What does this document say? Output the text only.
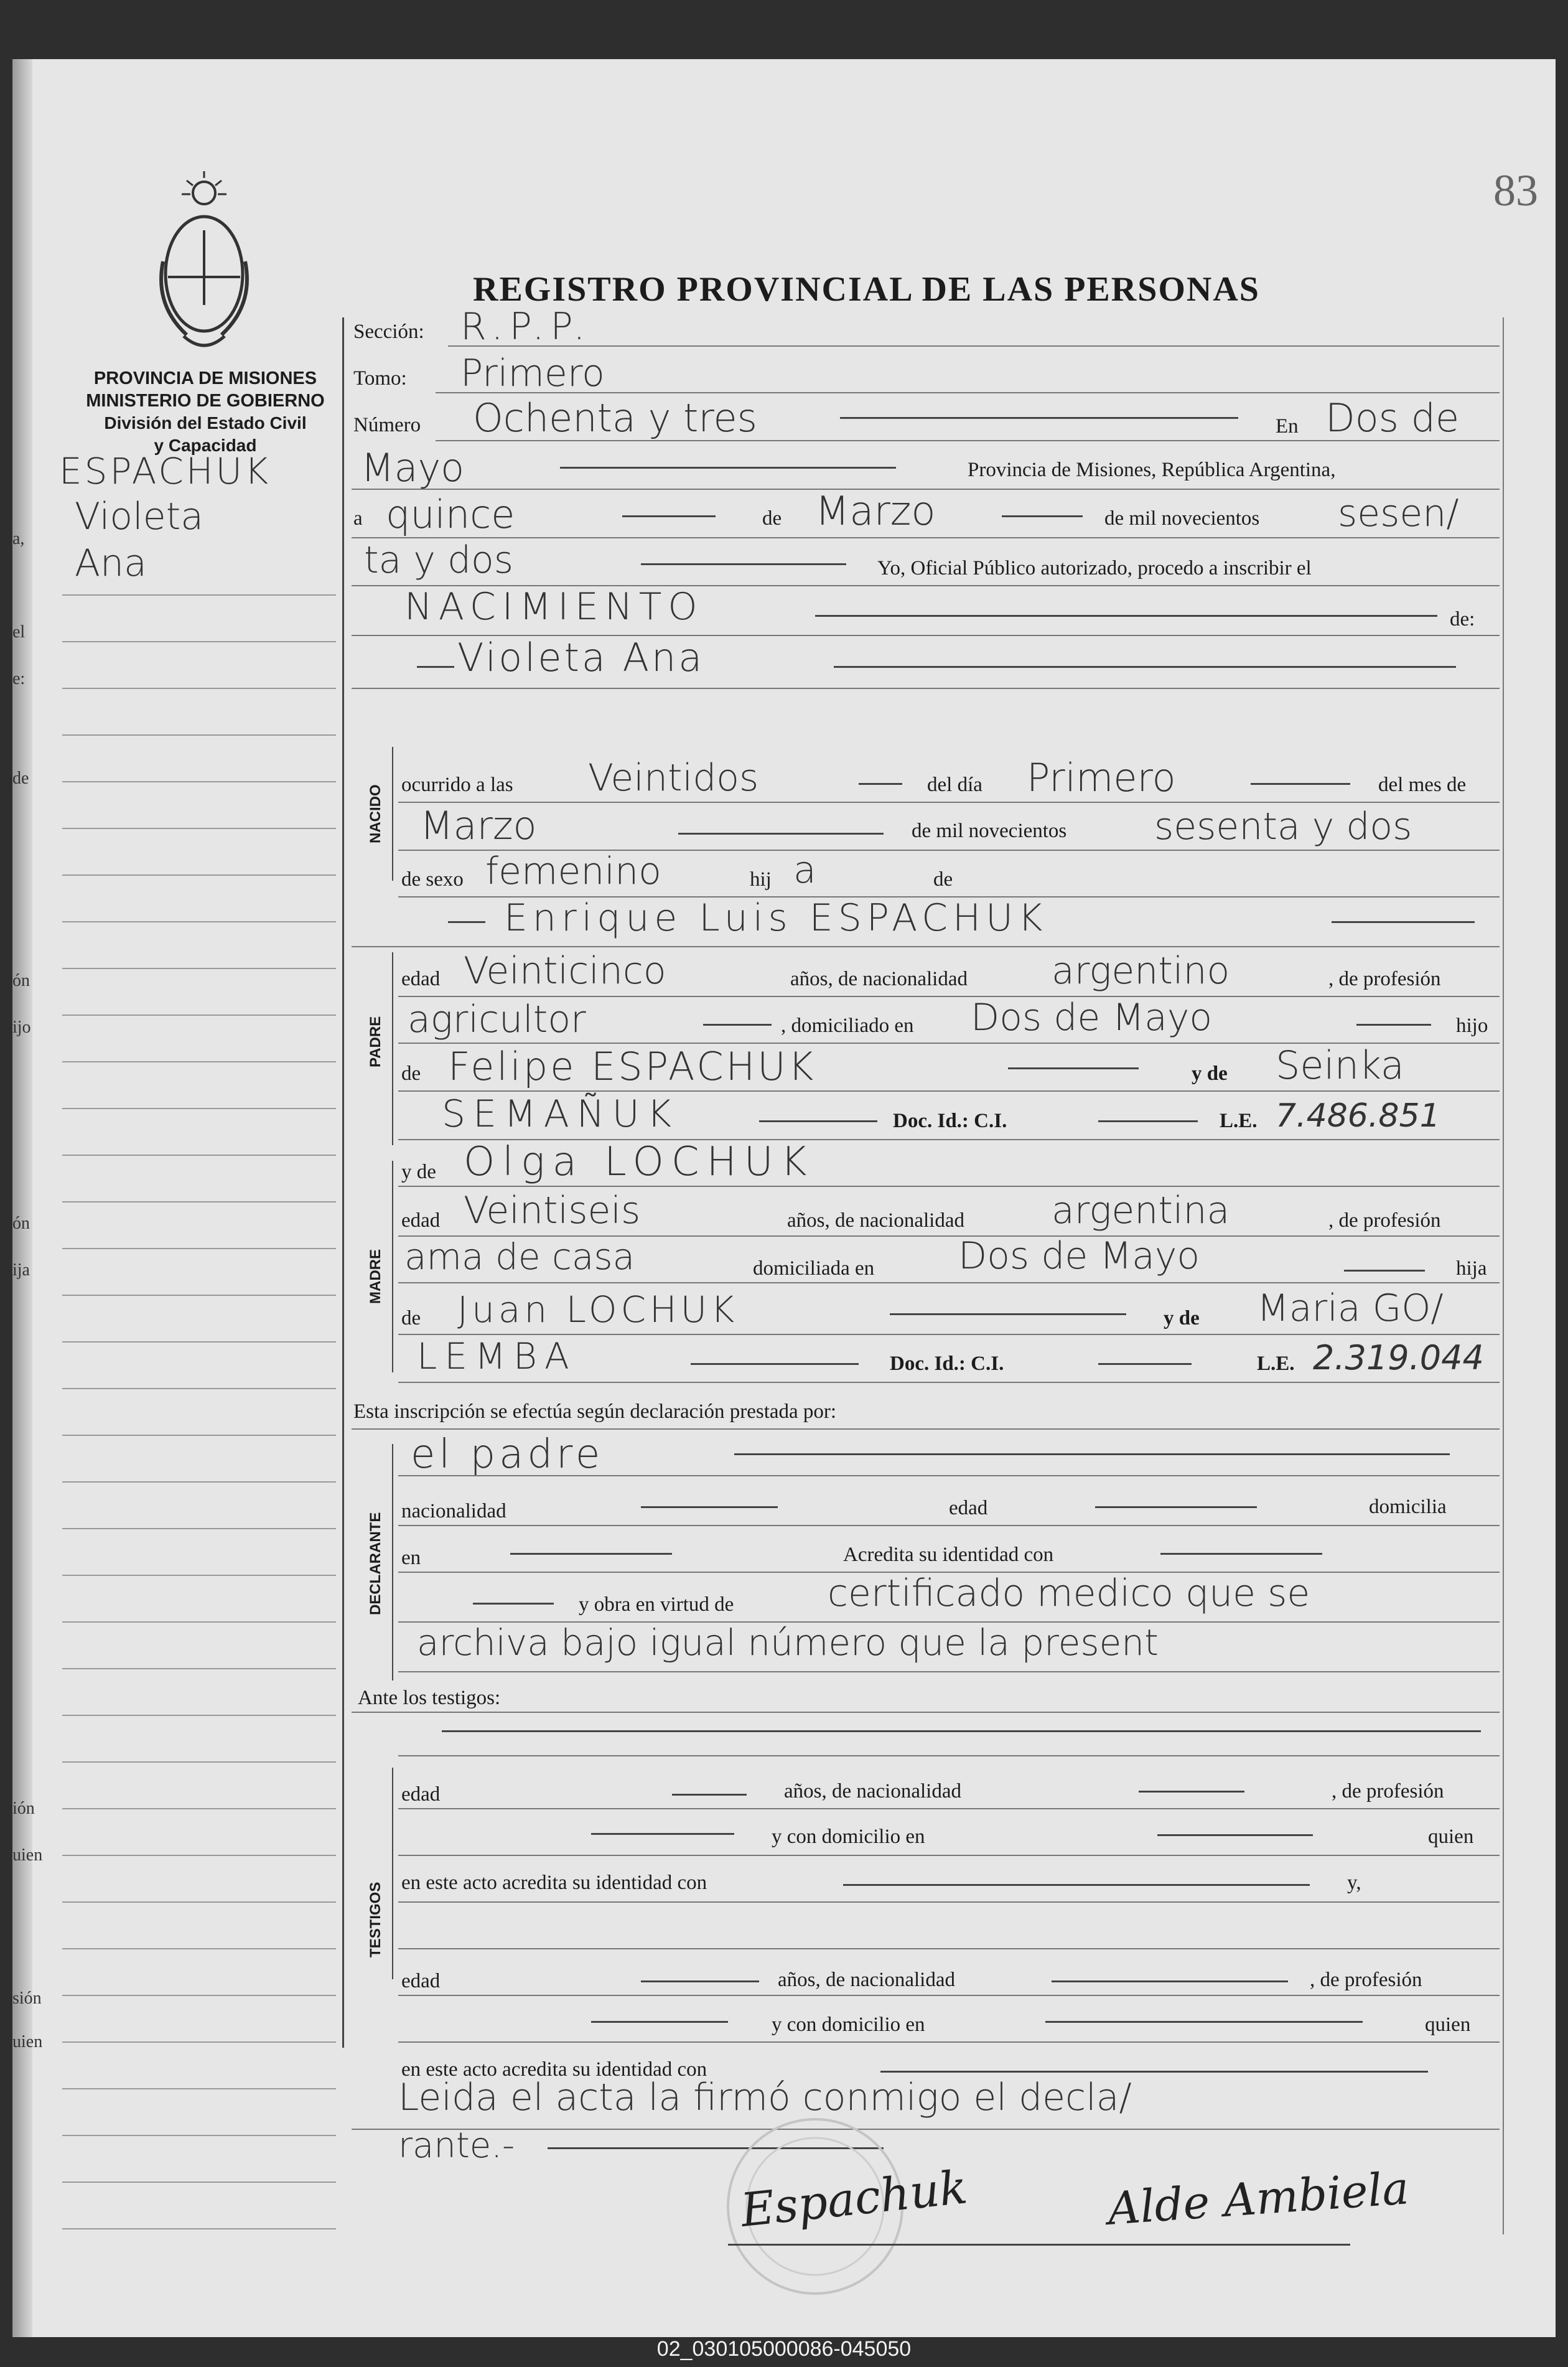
a,
el
e:
de
ón
ijo
ón
ija
ión
uien
sión
uien
83
REGISTRO PROVINCIAL DE LAS PERSONAS
PROVINCIA DE MISIONES
MINISTERIO DE GOBIERNO
División del Estado Civil
y Capacidad
ESPACHUK
Violeta
Ana
Sección: R.P.P.
Tomo: Primero
Número Ochenta y tres	En Dos de
Mayo	Provincia de Misiones, República Argentina,
a quince	de Marzo	de mil novecientos sesen/
ta y dos	Yo, Oficial Público autorizado, procedo a inscribir el
NACIMIENTO	de:
Violeta Ana
NACIDO ocurrido a las Veintidos	del día Primero	del mes de
Marzo	de mil novecientos sesenta y dos
de sexo femenino	hij a	de
Enrique Luis ESPACHUK
PADRE
edad Veinticinco	años, de nacionalidad argentino	, de profesión
agricultor	, domiciliado en Dos de Mayo	hijo
de Felipe ESPACHUK	y de Seinka
SEMAÑUK	Doc. Id.: C.I.	L.E. 7.486.851
y de Olga LOCHUK
MADRE
edad Veintiseis	años, de nacionalidad argentina	, de profesión
ama de casa	domiciliada en Dos de Mayo	hija
de Juan LOCHUK	y de Maria GO/
LEMBA	Doc. Id.: C.I.	L.E. 2.319.044
Esta inscripción se efectúa según declaración prestada por:
el padre
DECLARANTE
nacionalidad	edad	domicilia
en	Acredita su identidad con
y obra en virtud de	certificado medico que se
archiva bajo igual número que la present
Ante los testigos:
TESTIGOS
edad	años, de nacionalidad	, de profesión
y con domicilio en	quien
en este acto acredita su identidad con	y,
edad	años, de nacionalidad	, de profesión
y con domicilio en	quien
en este acto acredita su identidad con
Leida el acta la firmó conmigo el decla/
rante.-
Espachuk	Alde Ambiela
02_030105000086-045050
